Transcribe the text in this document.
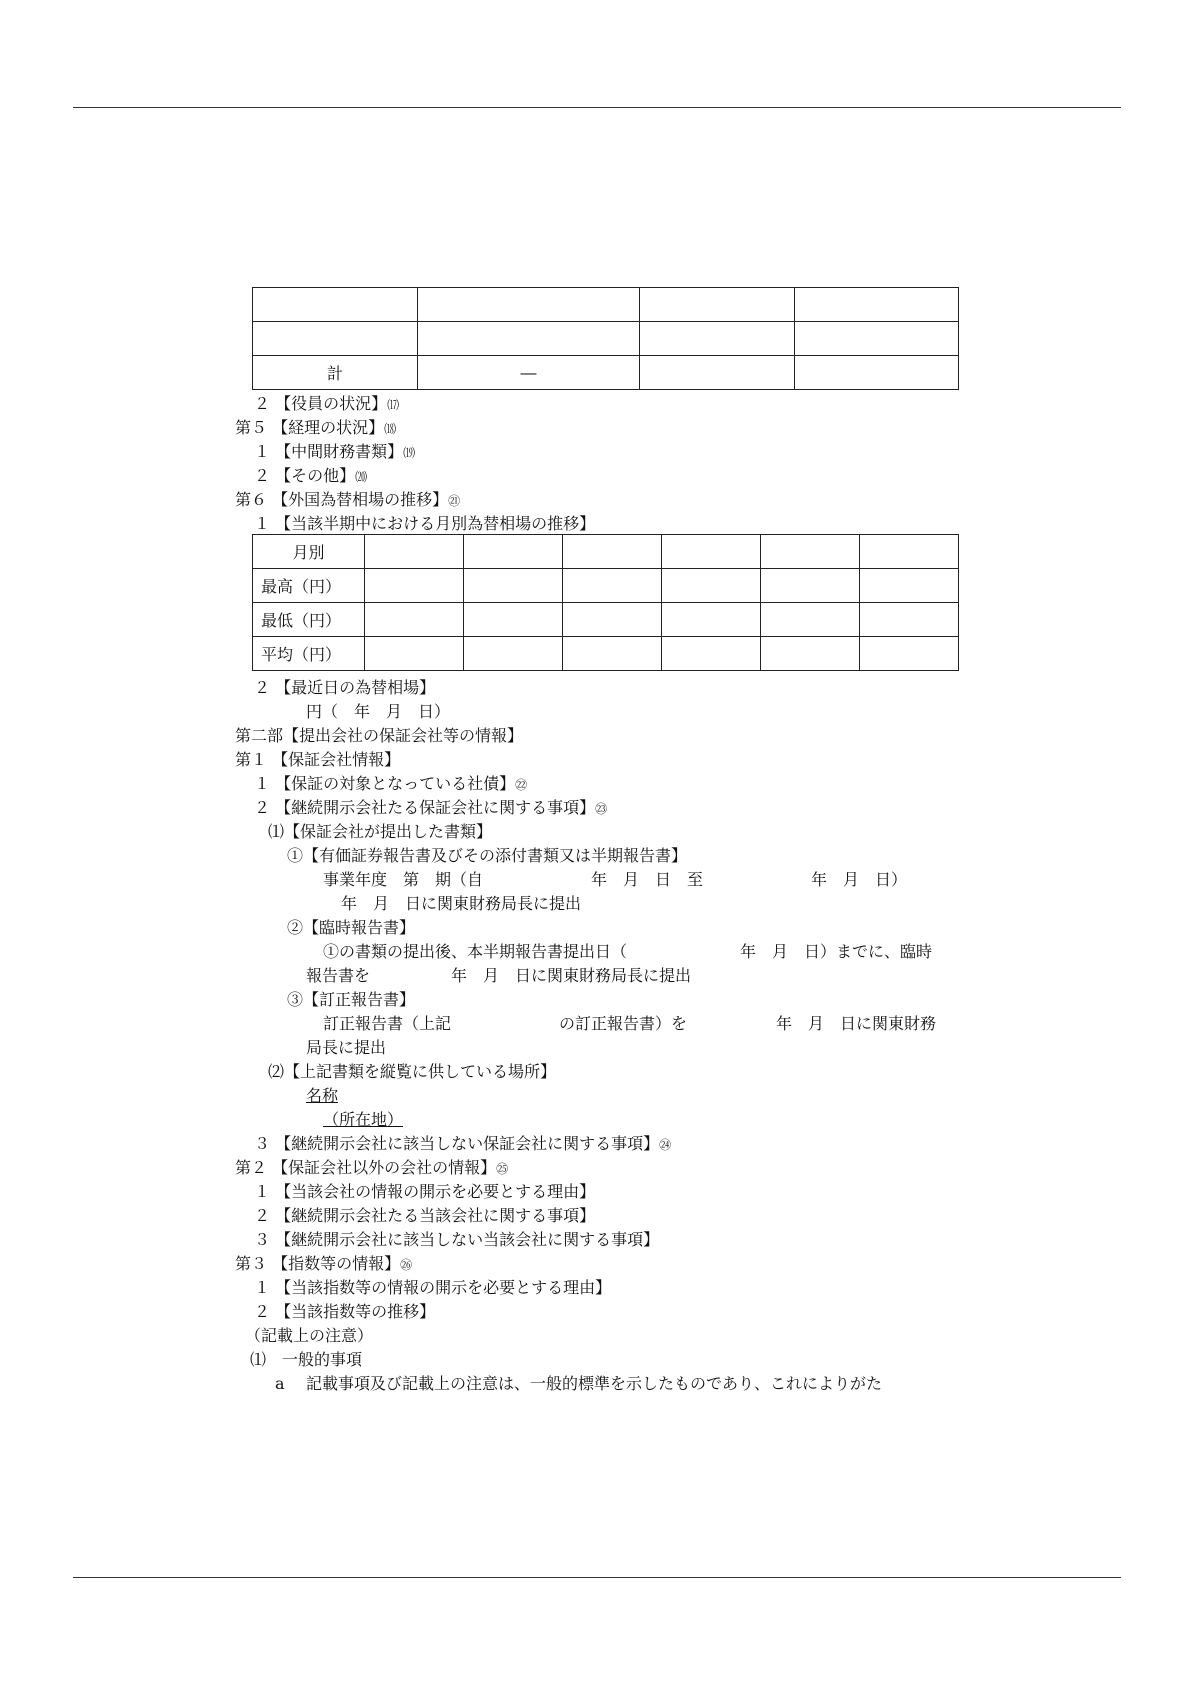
計	―		
２ 【役員の状況】⒄
第５ 【経理の状況】⒅
１ 【中間財務書類】⒆
２ 【その他】⒇
第６ 【外国為替相場の推移】㉑
１ 【当該半期中における月別為替相場の推移】
月別						
最高（円）						
最低（円）						
平均（円）						
２ 【最近日の為替相場】
円（　年　月　日）
第二部【提出会社の保証会社等の情報】
第１ 【保証会社情報】
１ 【保証の対象となっている社債】㉒
２ 【継続開示会社たる保証会社に関する事項】㉓
⑴【保証会社が提出した書類】
①【有価証券報告書及びその添付書類又は半期報告書】
事業年度　第　期（自	年　月　日　至	年　月　日）
年　月　日に関東財務局長に提出
②【臨時報告書】
①の書類の提出後、本半期報告書提出日（	年　月　日）までに、臨時
報告書を	年　月　日に関東財務局長に提出
③【訂正報告書】
訂正報告書（上記	の訂正報告書）を	年　月　日に関東財務
局長に提出
⑵【上記書類を縦覧に供している場所】
名称
（所在地）
３ 【継続開示会社に該当しない保証会社に関する事項】㉔
第２ 【保証会社以外の会社の情報】㉕
１ 【当該会社の情報の開示を必要とする理由】
２ 【継続開示会社たる当該会社に関する事項】
３ 【継続開示会社に該当しない当該会社に関する事項】
第３ 【指数等の情報】㉖
１ 【当該指数等の情報の開示を必要とする理由】
２ 【当該指数等の推移】
（記載上の注意）
⑴　 一般的事項
a 記載事項及び記載上の注意は、一般的標準を示したものであり、これによりがた
